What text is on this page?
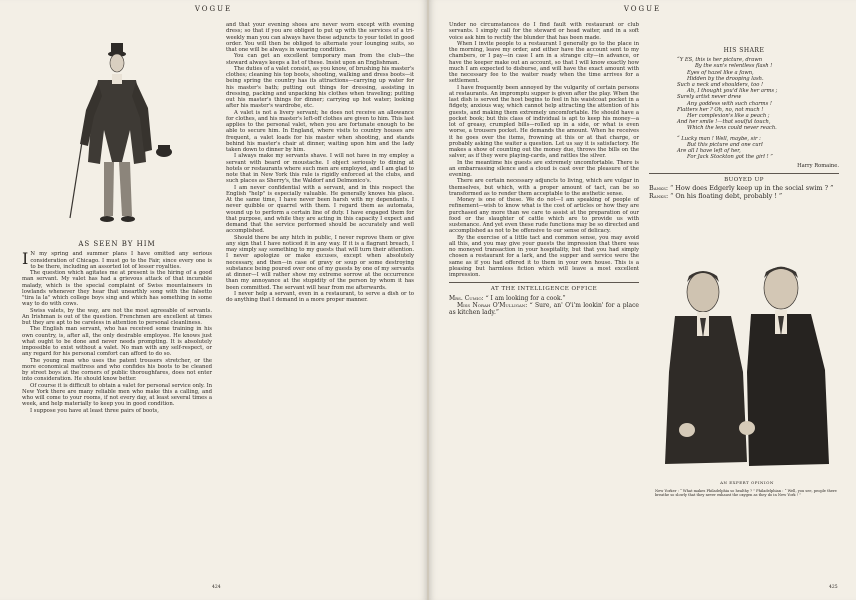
VOGUE
AS SEEN BY HIM

I N my spring and summer plans I have omitted any serious consideration of Chicago. I must go to the Fair, since every one is to be there, including an assorted lot of lesser royalties.

The question which agitates me at present is the hiring of a good man servant. My valet has had a grievous attack of that incurable malady, which is the special complaint of Swiss mountaineers in lowlands whenever they hear that unearthly song with the falsetto "tira la la" which college boys sing and which has something in some way to do with cows.

Swiss valets, by the way, are not the most agreeable of servants. An Irishman is out of the question. Frenchmen are excellent at times but they are apt to be careless in attention to personal cleanliness.

The English man servant, who has received some training in his own country, is, after all, the only desirable employee. He knows just what ought to be done and never needs prompting. It is absolutely impossible to exist without a valet. No man with any self-respect, or any regard for his personal comfort can afford to do so.

The young man who uses the patent trousers stretcher, or the more economical mattress and who confides his boots to be cleaned by street boys at the corners of public thoroughfares, does not enter into consideration. He should know better.

Of course it is difficult to obtain a valet for personal service only. In New York there are many reliable men who make this a calling, and who will come to your rooms, if not every day, at least several times a week, and help materially to keep you in good condition.

I suppose you have at least three pairs of boots,

and that your evening shoes are never worn except with evening dress; so that if you are obliged to put up with the services of a tri-weekly man you can always have these adjuncts to your toilet in good order. You will then be obliged to alternate your lounging suits, so that one will be always in wearing condition.

You can get an excellent temporary man from the club—the steward always keeps a list of these. Insist upon an Englishman.

The duties of a valet consist, as you know, of brushing his master's clothes; cleaning his top boots, shooting, walking and dress boots—it being spring the country has its attractions—carrying up water for his master's bath; putting out things for dressing, assisting in dressing, packing and unpacking his clothes when traveling; putting out his master's things for dinner; carrying up hot water; looking after his master's wardrobe, etc.

A valet is not a livery servant; he does not receive an allowance for clothes, and his master's left-off clothes are given to him. This last applies to the personal valet, when you are fortunate enough to be able to secure him. In England, where visits to country houses are frequent, a valet loads for his master when shooting, and stands behind his master's chair at dinner, waiting upon him and the lady taken down to dinner by him.

I always make my servants shave. I will not have in my employ a servant with beard or moustache. I object seriously to dining at hotels or restaurants where such men are employed, and I am glad to note that in New York this rule is rigidly enforced at the clubs, and such places as Sherry's, the Waldorf and Delmonico's.

I am never confidential with a servant, and in this respect the English "help" is especially valuable. He generally knows his place. At the same time, I have never been harsh with my dependants. I never quibble or quarrel with them. I regard them as automata, wound up to perform a certain line of duty. I have engaged them for that purpose, and while they are acting in this capacity I expect and demand that the service performed should be accurately and well accomplished.

Should there be any hitch in public, I never reprove them or give any sign that I have noticed it in any way. If it is a flagrant breach, I may simply say something to my guests that will turn their attention. I never apologize or make excuses, except when absolutely necessary, and then—in case of gravy or soup or some destroying substance being poured over one of my guests by one of my servants at dinner—I will rather show my extreme sorrow at the occurrence than my annoyance at the stupidity of the person by whom it has been committed. The servant will hear from me afterwards.

I never help a servant, even in a restaurant, to serve a dish or to do anything that I demand in a more proper manner.

424
VOGUE

Under no circumstances do I find fault with restaurant or club servants. I simply call for the steward or head waiter, and in a soft voice ask him to rectify the blunder that has been made.

When I invite people to a restaurant I generally go to the place in the morning, leave my order, and either have the account sent to my chambers, or I pay—in case I am in a strange city—in advance, or have the keeper make out an account, so that I will know exactly how much I am expected to disburse, and will have the exact amount with the necessary fee to the waiter ready when the time arrives for a settlement.

I have frequently been annoyed by the vulgarity of certain persons at restaurants. An impromptu supper is given after the play. When the last dish is served the host begins to feel in his waistcoat pocket in a fidgety, anxious way, which cannot help attracting the attention of his guests, and making them extremely uncomfortable. He should have a pocket book; but this class of individual is apt to keep his money—a lot of greasy, crumpled bills—rolled up in a side, or what is even worse, a trousers pocket. He demands the amount. When he receives it he goes over the items, frowning at this or at that charge, or probably asking the waiter a question. Let us say it is satisfactory. He makes a show of counting out the money due, throws the bills on the salver, as if they were playing-cards, and rattles the silver.

In the meantime his guests are extremely uncomfortable. There is an embarrassing silence and a cloud is cast over the pleasure of the evening.

There are certain necessary adjuncts to living, which are vulgar in themselves, but which, with a proper amount of tact, can be so transformed as to render them acceptable to the æsthetic sense.

Money is one of these. We do not—I am speaking of people of refinement—wish to know what is the cost of articles or how they are purchased any more than we care to assist at the preparation of our food or the slaughter of cattle which are to provide us with sustenance. And yet even these rude functions may be so directed and accomplished as not to be offensive to our sense of delicacy.

By the exercise of a little tact and common sense, you may avoid all this, and you may give your guests the impression that there was no moneyed transaction in your hospitality, but that you had simply chosen a restaurant for a lark, and the supper and service were the same as if you had offered it to them in your own house. This is a pleasing but harmless fiction which will leave a most excellent impression.

AT THE INTELLIGENCE OFFICE

Mrs. Cumio: “ I am looking for a cook.”

Miss Norah O'Mulligan: “ Sure, an' O'i'm lookin' for a place as kitchen lady.”

HIS SHARE
“Y ES, this is her picture, drawn
By the sun's relentless flash !
Eyes of hazel like a fawn,
Hidden by the drooping lash.
Such a neck and shoulders, too !
Ah, I thought you'd like her arms ;
Surely artist never drew
Any goddess with such charms !
Flatters her ? Oh, no, not much !
Her complexion's like a peach ;
And her smile !—that soulful touch,
Which the lens could never reach.
“ Lucky man ! Well, maybe, sir :
But this picture and one curl
Are all I have left of her,
For Jack Stockton got the girl ! ”
Harry Romaine.
BUOYED UP

Banks: “ How does Edgerly keep up in the social swim ? ”

Ranks: “ On his floating debt, probably ! ”

AN EXPERT OPINION
New Yorker : “ What makes Philadelphia so healthy ? ” Philadelphian : “ Well, you see, people there breathe so slowly that they never exhaust the oxygen as they do in New York ! ”
425
